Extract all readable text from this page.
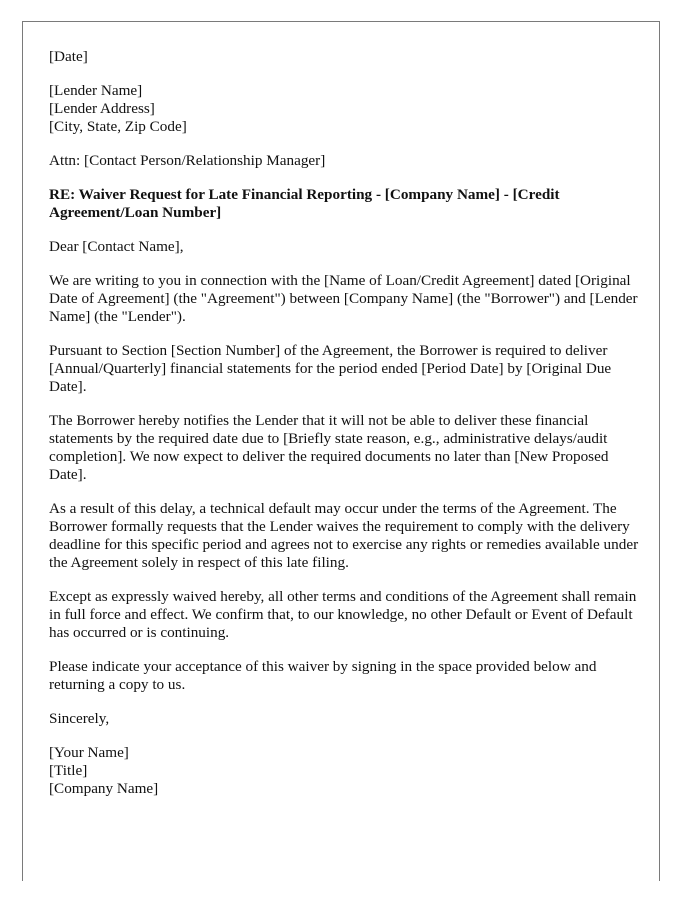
[Date]
[Lender Name]
[Lender Address]
[City, State, Zip Code]
Attn: [Contact Person/Relationship Manager]
RE: Waiver Request for Late Financial Reporting - [Company Name] - [Credit Agreement/Loan Number]
Dear [Contact Name],

We are writing to you in connection with the [Name of Loan/Credit Agreement] dated [Original Date of Agreement] (the "Agreement") between [Company Name] (the "Borrower") and [Lender Name] (the "Lender").

Pursuant to Section [Section Number] of the Agreement, the Borrower is required to deliver [Annual/Quarterly] financial statements for the period ended [Period Date] by [Original Due Date].

The Borrower hereby notifies the Lender that it will not be able to deliver these financial statements by the required date due to [Briefly state reason, e.g., administrative delays/audit completion]. We now expect to deliver the required documents no later than [New Proposed Date].

As a result of this delay, a technical default may occur under the terms of the Agreement. The Borrower formally requests that the Lender waives the requirement to comply with the delivery deadline for this specific period and agrees not to exercise any rights or remedies available under the Agreement solely in respect of this late filing.

Except as expressly waived hereby, all other terms and conditions of the Agreement shall remain in full force and effect. We confirm that, to our knowledge, no other Default or Event of Default has occurred or is continuing.

Please indicate your acceptance of this waiver by signing in the space provided below and returning a copy to us.

Sincerely,
[Your Name]
[Title]
[Company Name]
